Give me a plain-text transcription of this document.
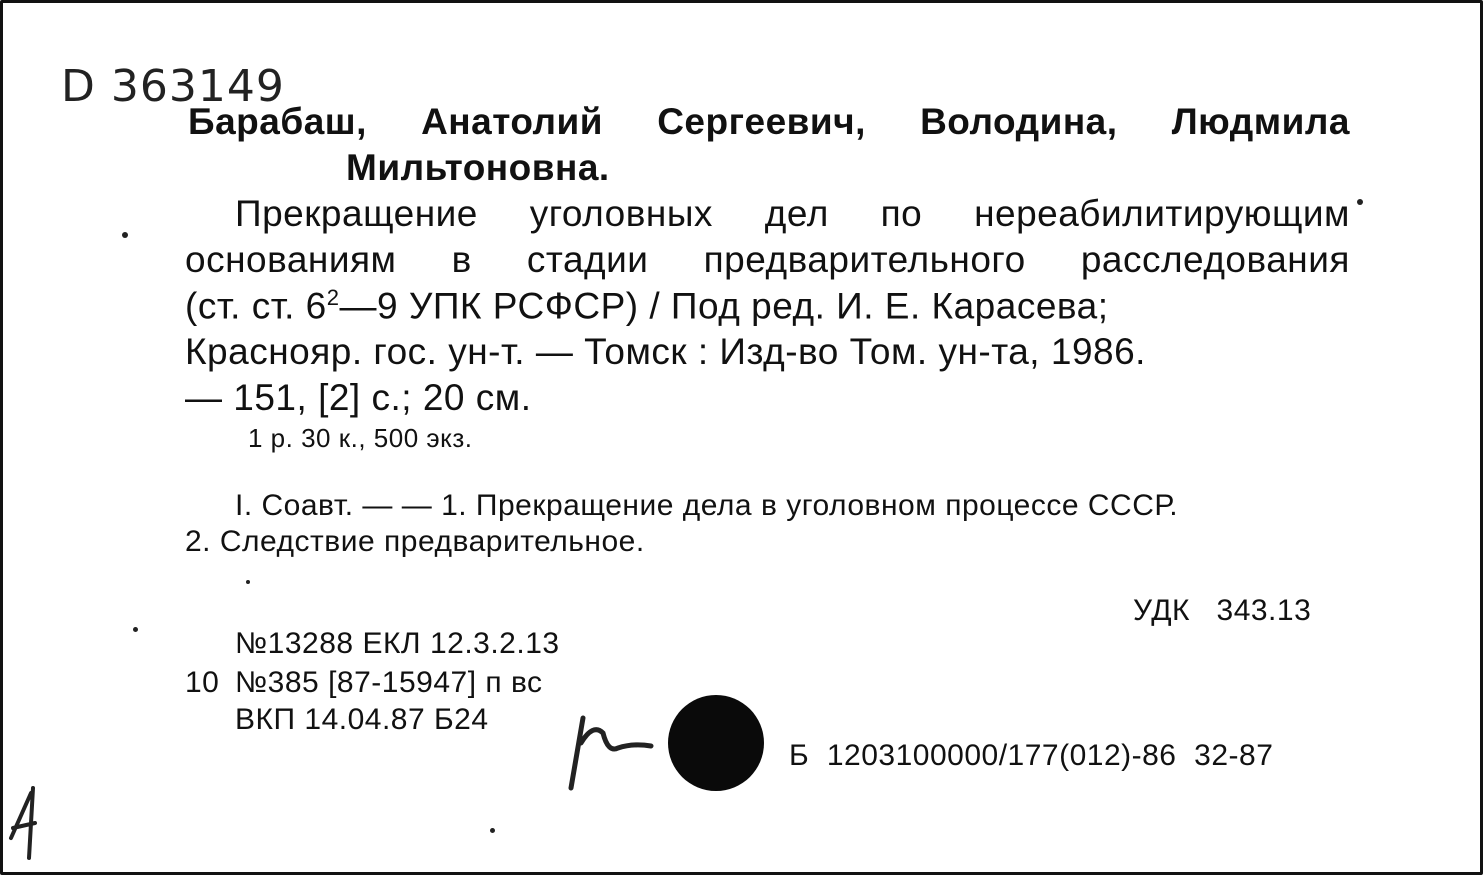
D 363149
Барабаш, Анатолий Сергеевич, Володина, Людмила
Мильтоновна.
Прекращение уголовных дел по нереабилитирующим
основаниям в стадии предварительного расследования
(ст. ст. $6^2—9$ УПК РСФСР) / Под ред. И. Е. Карасева;
Краснояр. гос. ун-т. — Томск : Изд-во Том. ун-та, 1986.
— 151, [2] с.; 20 см.
1 р. 30 к., 500 экз.
I. Соавт. — — 1. Прекращение дела в уголовном процессе СССР.
2. Следствие предварительное.
УДК   343.13
№13288 ЕКЛ 12.3.2.13
10 №385 [87-15947] п вс
ВКП 14.04.87 Б24
Б  1203100000/177(012)-86  32-87
